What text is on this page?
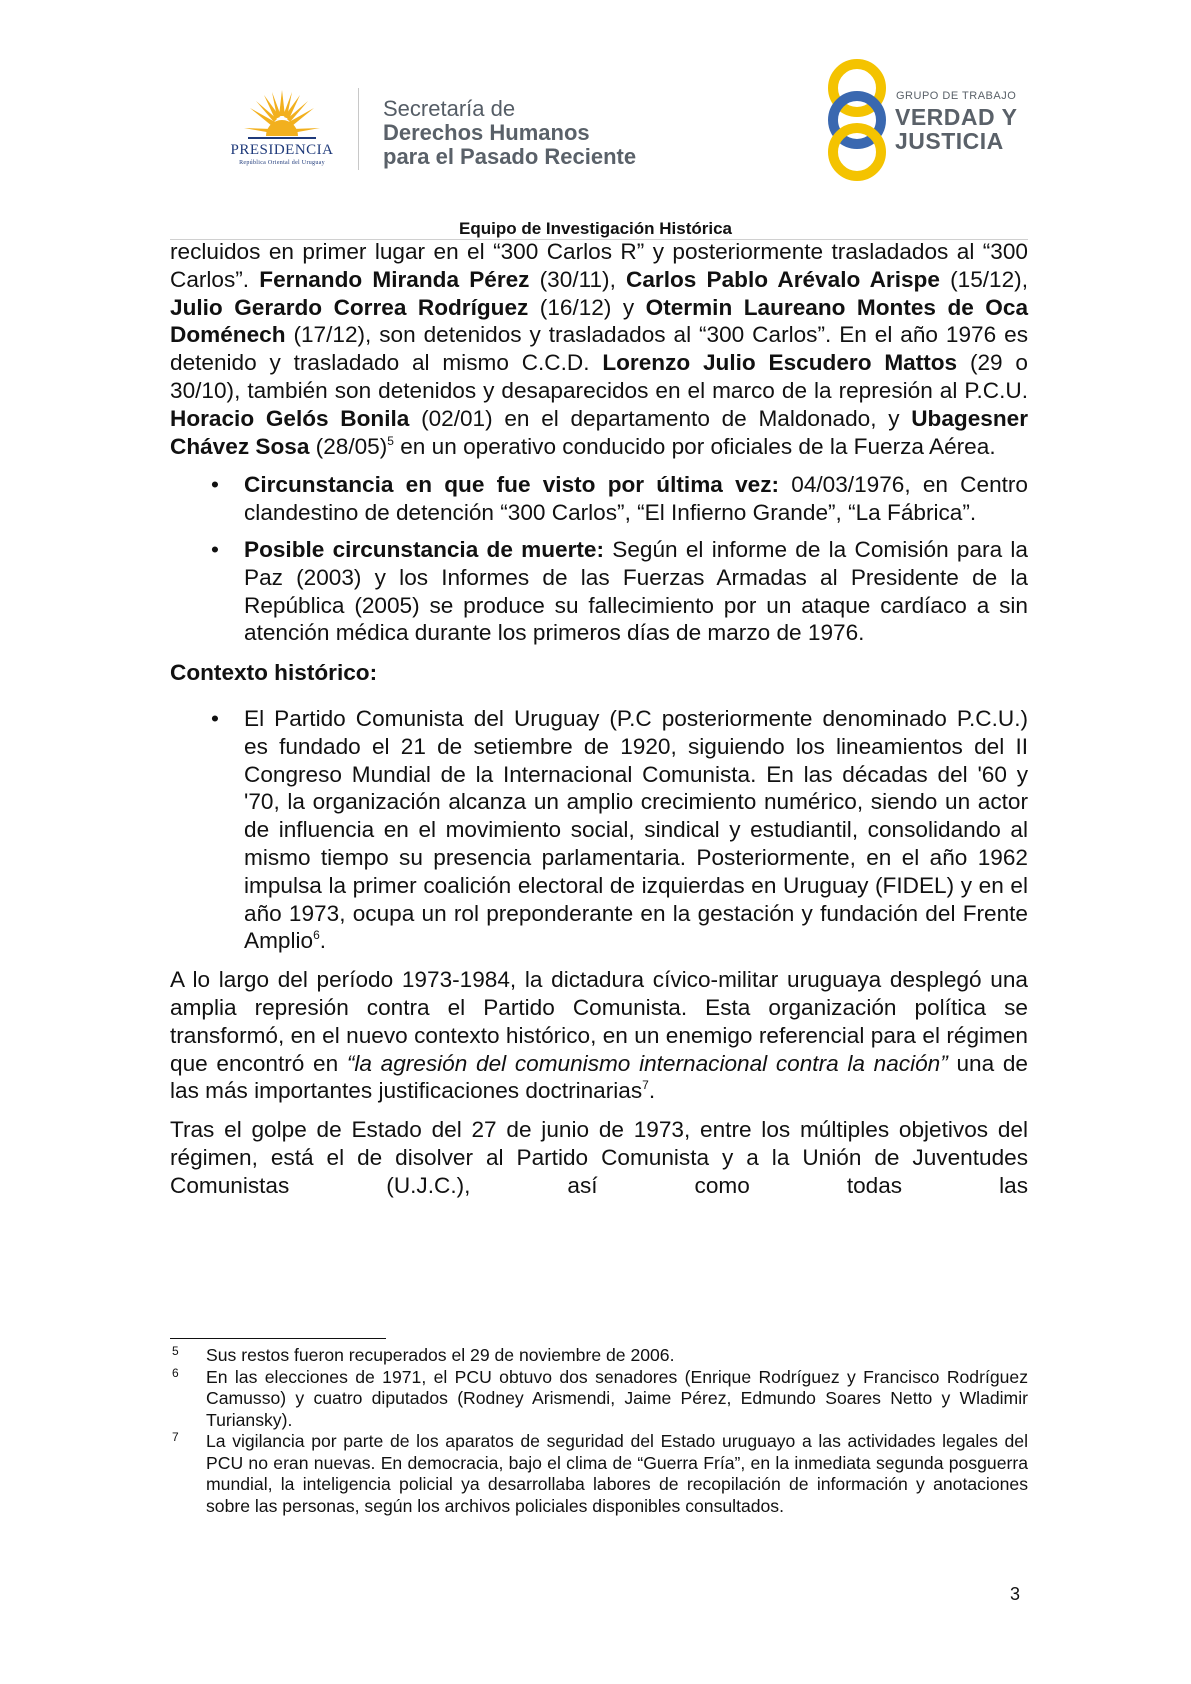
PRESIDENCIA
República Oriental del Uruguay
Secretaría de
Derechos Humanos
para el Pasado Reciente
GRUPO DE TRABAJO
VERDAD Y
JUSTICIA
Equipo de Investigación Histórica

recluidos en primer lugar en el “300 Carlos R” y posteriormente trasladados al “300 Carlos”. Fernando Miranda Pérez (30/11), Carlos Pablo Arévalo Arispe (15/12), Julio Gerardo Correa Rodríguez (16/12) y Otermin Laureano Montes de Oca Doménech (17/12), son detenidos y trasladados al “300 Carlos”. En el año 1976 es detenido y trasladado al mismo C.C.D. Lorenzo Julio Escudero Mattos (29 o 30/10), también son detenidos y desaparecidos en el marco de la represión al P.C.U. Horacio Gelós Bonila (02/01) en el departamento de Maldonado, y Ubagesner Chávez Sosa $(28/05)^5$ en un operativo conducido por oficiales de la Fuerza Aérea.

• Circunstancia en que fue visto por última vez: 04/03/1976, en Centro clandestino de detención “300 Carlos”, “El Infierno Grande”, “La Fábrica”.

• Posible circunstancia de muerte: Según el informe de la Comisión para la Paz (2003) y los Informes de las Fuerzas Armadas al Presidente de la República (2005) se produce su fallecimiento por un ataque cardíaco a sin atención médica durante los primeros días de marzo de 1976.

Contexto histórico:
• El Partido Comunista del Uruguay (P.C posteriormente denominado P.C.U.) es fundado el 21 de setiembre de 1920, siguiendo los lineamientos del II Congreso Mundial de la Internacional Comunista. En las décadas del '60 y '70, la organización alcanza un amplio crecimiento numérico, siendo un actor de influencia en el movimiento social, sindical y estudiantil, consolidando al mismo tiempo su presencia parlamentaria. Posteriormente, en el año 1962 impulsa la primer coalición electoral de izquierdas en Uruguay (FIDEL) y en el año 1973, ocupa un rol preponderante en la gestación y fundación del Frente Amplio$^6$.

A lo largo del período 1973-1984, la dictadura cívico-militar uruguaya desplegó una amplia represión contra el Partido Comunista. Esta organización política se transformó, en el nuevo contexto histórico, en un enemigo referencial para el régimen que encontró en “la agresión del comunismo internacional contra la nación” una de las más importantes justificaciones doctrinarias$^7$.

Tras el golpe de Estado del 27 de junio de 1973, entre los múltiples objetivos del régimen, está el de disolver al Partido Comunista y a la Unión de Juventudes Comunistas (U.J.C.), así como todas las

5 Sus restos fueron recuperados el 29 de noviembre de 2006.

6 En las elecciones de 1971, el PCU obtuvo dos senadores (Enrique Rodríguez y Francisco Rodríguez Camusso) y cuatro diputados (Rodney Arismendi, Jaime Pérez, Edmundo Soares Netto y Wladimir Turiansky).

7 La vigilancia por parte de los aparatos de seguridad del Estado uruguayo a las actividades legales del PCU no eran nuevas. En democracia, bajo el clima de “Guerra Fría”, en la inmediata segunda posguerra mundial, la inteligencia policial ya desarrollaba labores de recopilación de información y anotaciones sobre las personas, según los archivos policiales disponibles consultados.

3
